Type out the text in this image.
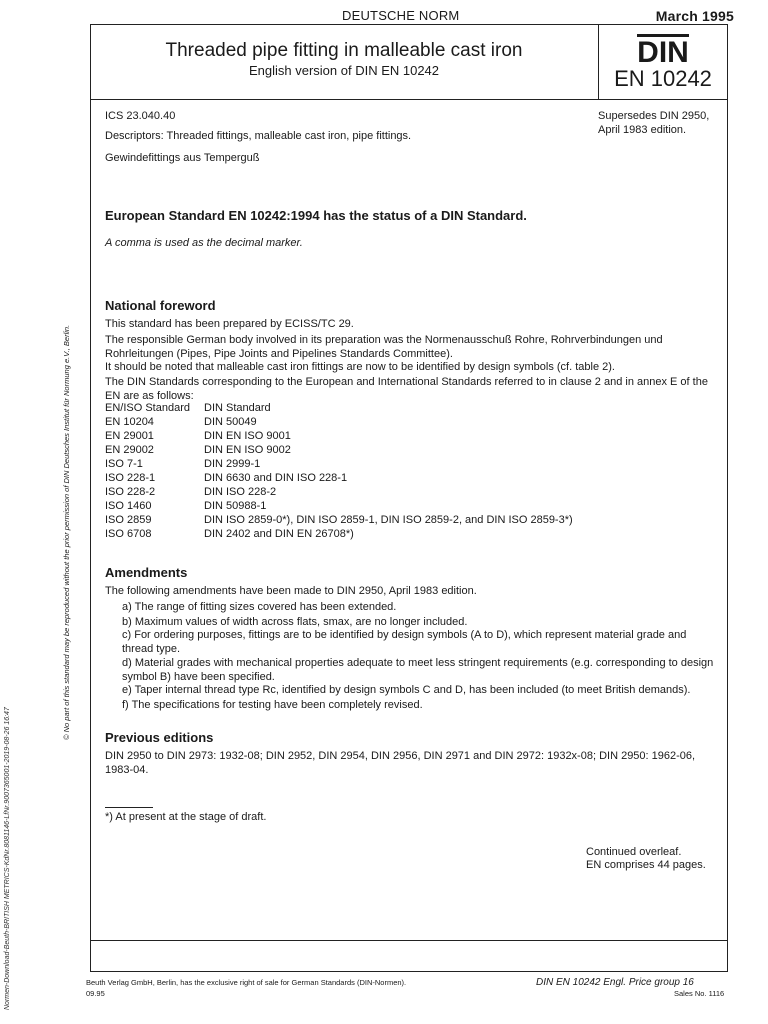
DEUTSCHE NORM	March 1995
Threaded pipe fitting in malleable cast iron
English version of DIN EN 10242
DIN
EN 10242
ICS 23.040.40	Supersedes DIN 2950, April 1983 edition.
Descriptors: Threaded fittings, malleable cast iron, pipe fittings.
Gewindefittings aus Temperguß
European Standard EN 10242:1994 has the status of a DIN Standard.
A comma is used as the decimal marker.
National foreword
This standard has been prepared by ECISS/TC 29.
The responsible German body involved in its preparation was the Normenausschuß Rohre, Rohrverbindungen und Rohrleitungen (Pipes, Pipe Joints and Pipelines Standards Committee).
It should be noted that malleable cast iron fittings are now to be identified by design symbols (cf. table 2).
The DIN Standards corresponding to the European and International Standards referred to in clause 2 and in annex E of the EN are as follows:
EN/ISO Standard	DIN Standard
EN 10204	DIN 50049
EN 29001	DIN EN ISO 9001
EN 29002	DIN EN ISO 9002
ISO 7-1	DIN 2999-1
ISO 228-1	DIN 6630 and DIN ISO 228-1
ISO 228-2	DIN ISO 228-2
ISO 1460	DIN 50988-1
ISO 2859	DIN ISO 2859-0*), DIN ISO 2859-1, DIN ISO 2859-2, and DIN ISO 2859-3*)
ISO 6708	DIN 2402 and DIN EN 26708*)
Amendments
The following amendments have been made to DIN 2950, April 1983 edition.
a) The range of fitting sizes covered has been extended.
b) Maximum values of width across flats, smax, are no longer included.
c) For ordering purposes, fittings are to be identified by design symbols (A to D), which represent material grade and thread type.
d) Material grades with mechanical properties adequate to meet less stringent requirements (e.g. corresponding to design symbol B) have been specified.
e) Taper internal thread type Rc, identified by design symbols C and D, has been included (to meet British demands).
f) The specifications for testing have been completely revised.
Previous editions
DIN 2950 to DIN 2973: 1932-08; DIN 2952, DIN 2954, DIN 2956, DIN 2971 and DIN 2972: 1932x-08; DIN 2950: 1962-06, 1983-04.
*) At present at the stage of draft.
Continued overleaf.
EN comprises 44 pages.
Beuth Verlag GmbH, Berlin, has the exclusive right of sale for German Standards (DIN-Normen).
09.95
DIN EN 10242 Engl. Price group 16
Sales No. 1116
© No part of this standard may be reproduced without the prior permission of DIN Deutsches Institut für Normung e.V., Berlin.
Normen-Download-Beuth-BRITISH METRICS-KdNr.8081146-LfNr.9007365001-2019-08-26 16:47
